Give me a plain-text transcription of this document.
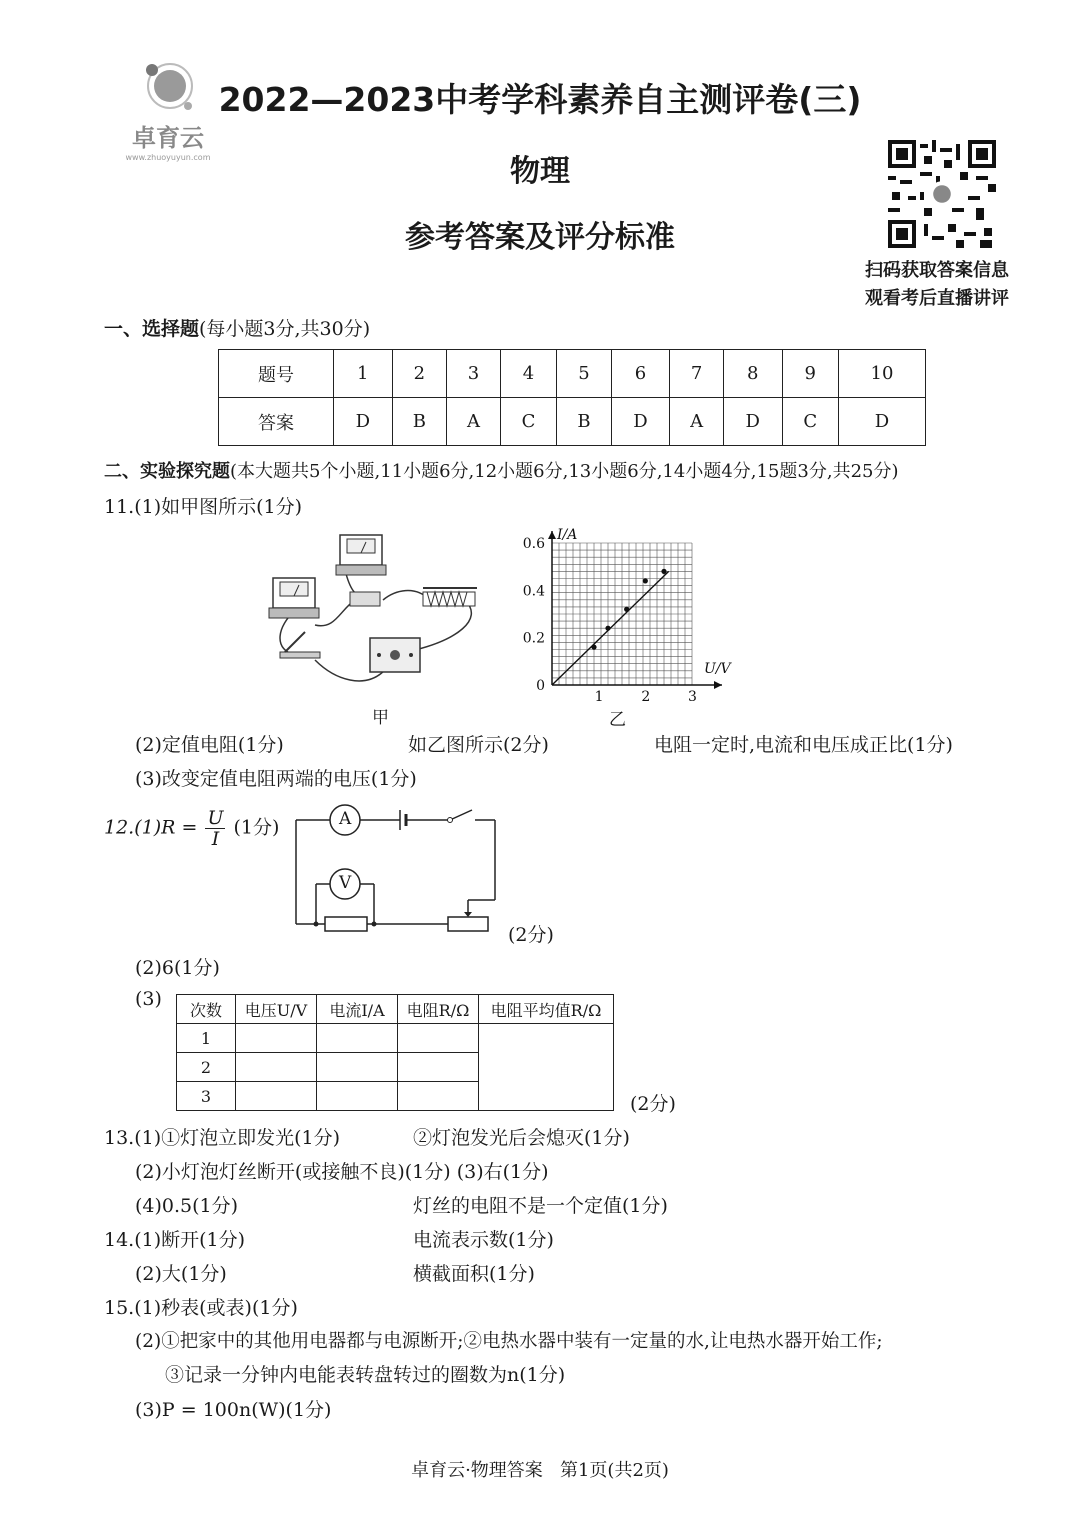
卓育云
www.zhuoyuyun.com
2022—2023中考学科素养自主测评卷(三)
物理
参考答案及评分标准
扫码获取答案信息
观看考后直播讲评
一、选择题(每小题3分,共30分)
题号	1	2	3	4	5	6	7	8	9	10
答案	D	B	A	C	B	D	A	D	C	D
二、实验探究题(本大题共5个小题,11小题6分,12小题6分,13小题6分,14小题4分,15题3分,共25分)
11.(1)如甲图所示(1分)
甲
1	2	3
0
0.2
0.4
0.6
U/V
I/A
乙
(2)定值电阻(1分)	如乙图所示(2分)	电阻一定时,电流和电压成正比(1分)
(3)改变定值电阻两端的电压(1分)
$12.(1)R = \frac{U}{I} (1$分)	A
V
(2分)
(2)6(1分)
(3) 次数	电压U/V	电流I/A	电阻R/Ω	电阻平均值R/Ω
1				
2				
3					(2分)
13.(1)①灯泡立即发光(1分)	②灯泡发光后会熄灭(1分)
(2)小灯泡灯丝断开(或接触不良)(1分) (3)右(1分)
(4)0.5(1分)	灯丝的电阻不是一个定值(1分)
14.(1)断开(1分)	电流表示数(1分)
(2)大(1分)	横截面积(1分)
15.(1)秒表(或表)(1分)
(2)①把家中的其他用电器都与电源断开;②电热水器中装有一定量的水,让电热水器开始工作;
③记录一分钟内电能表转盘转过的圈数为n(1分)
(3)P = 100n(W)(1分)
卓育云·物理答案   第1页(共2页)
